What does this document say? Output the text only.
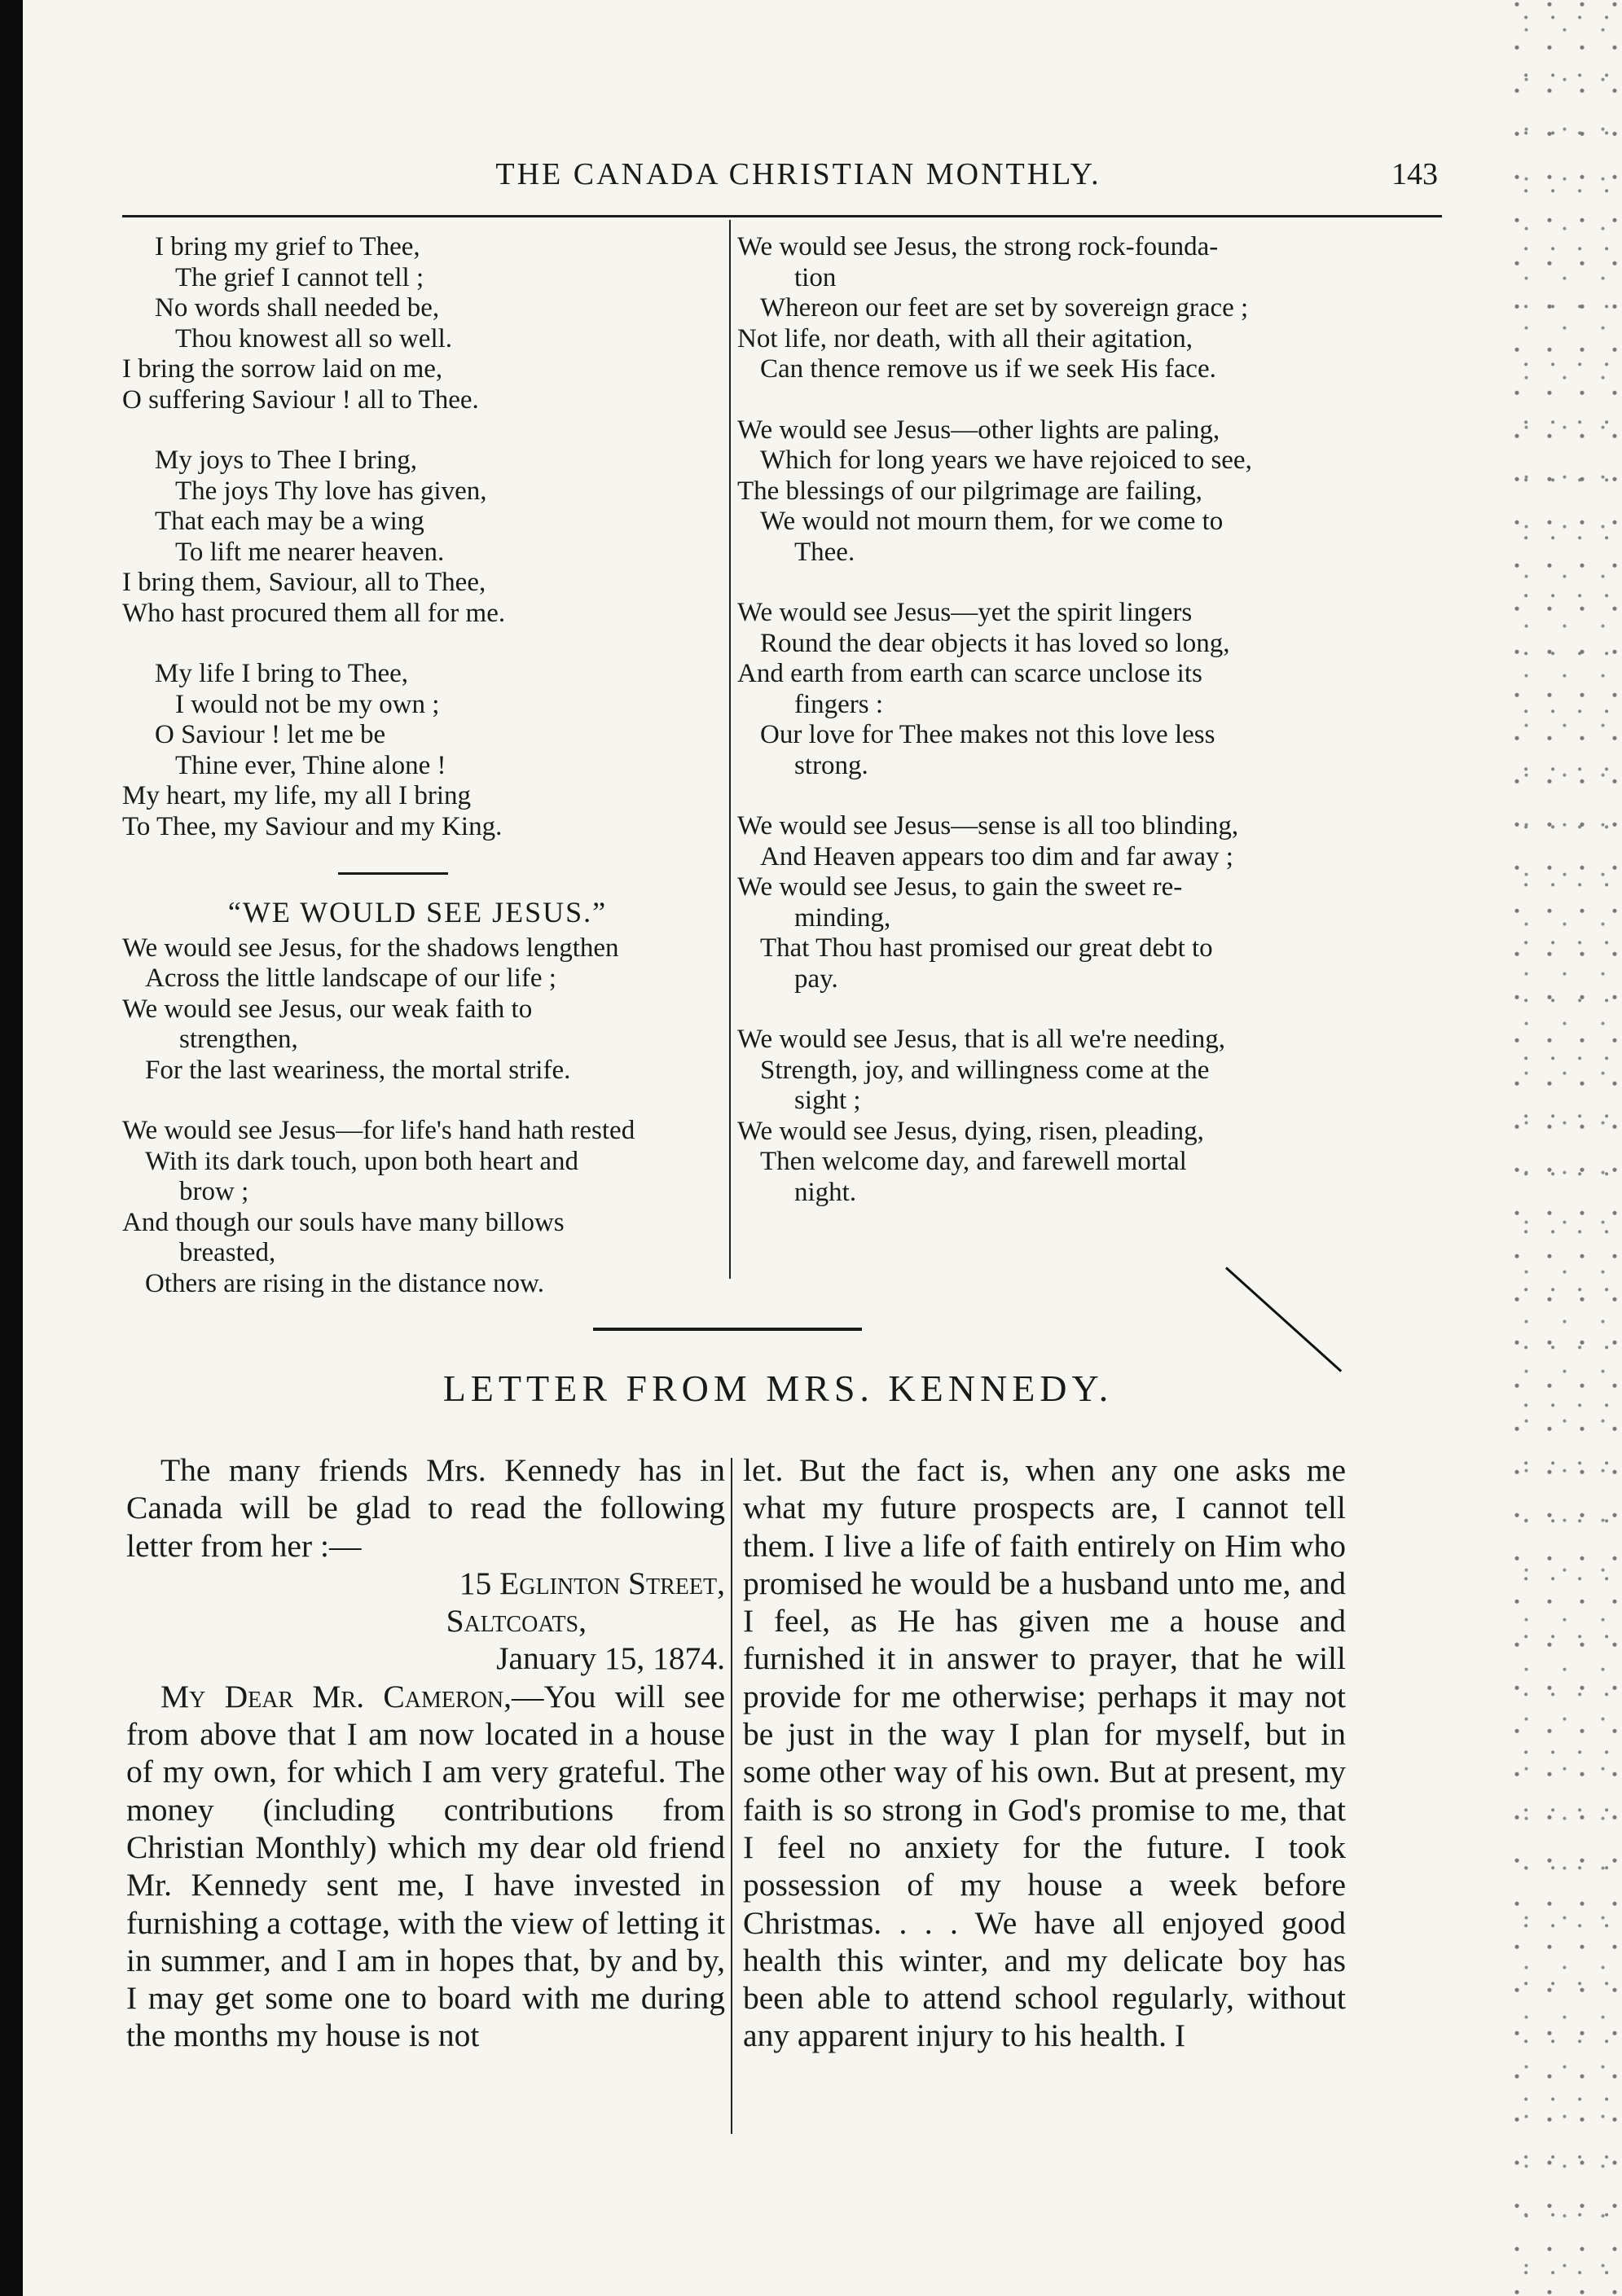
THE CANADA CHRISTIAN MONTHLY.	143
I bring my grief to Thee,
The grief I cannot tell ;
No words shall needed be,
Thou knowest all so well.
I bring the sorrow laid on me,
O suffering Saviour ! all to Thee.
My joys to Thee I bring,
The joys Thy love has given,
That each may be a wing
To lift me nearer heaven.
I bring them, Saviour, all to Thee,
Who hast procured them all for me.
My life I bring to Thee,
I would not be my own ;
O Saviour ! let me be
Thine ever, Thine alone !
My heart, my life, my all I bring
To Thee, my Saviour and my King.
“WE WOULD SEE JESUS.”
We would see Jesus, for the shadows lengthen
Across the little landscape of our life ;
We would see Jesus, our weak faith to
strengthen,
For the last weariness, the mortal strife.
We would see Jesus—for life's hand hath rested
With its dark touch, upon both heart and
brow ;
And though our souls have many billows
breasted,
Others are rising in the distance now.
We would see Jesus, the strong rock-founda-
tion
Whereon our feet are set by sovereign grace ;
Not life, nor death, with all their agitation,
Can thence remove us if we seek His face.
We would see Jesus—other lights are paling,
Which for long years we have rejoiced to see,
The blessings of our pilgrimage are failing,
We would not mourn them, for we come to
Thee.
We would see Jesus—yet the spirit lingers
Round the dear objects it has loved so long,
And earth from earth can scarce unclose its
fingers :
Our love for Thee makes not this love less
strong.
We would see Jesus—sense is all too blinding,
And Heaven appears too dim and far away ;
We would see Jesus, to gain the sweet re-
minding,
That Thou hast promised our great debt to
pay.
We would see Jesus, that is all we're needing,
Strength, joy, and willingness come at the
sight ;
We would see Jesus, dying, risen, pleading,
Then welcome day, and farewell mortal
night.
LETTER FROM MRS. KENNEDY.

The many friends Mrs. Kennedy has in Canada will be glad to read the following letter from her :—

15 Eglinton Street,

Saltcoats,

January 15, 1874.

My Dear Mr. Cameron,—You will see from above that I am now located in a house of my own, for which I am very grateful. The money (including contributions from Christian Monthly) which my dear old friend Mr. Kennedy sent me, I have invested in furnishing a cottage, with the view of letting it in summer, and I am in hopes that, by and by, I may get some one to board with me during the months my house is not

let. But the fact is, when any one asks me what my future prospects are, I cannot tell them. I live a life of faith entirely on Him who promised he would be a husband unto me, and I feel, as He has given me a house and furnished it in answer to prayer, that he will provide for me otherwise; perhaps it may not be just in the way I plan for myself, but in some other way of his own. But at present, my faith is so strong in God's promise to me, that I feel no anxiety for the future. I took possession of my house a week before Christmas. . . . We have all enjoyed good health this winter, and my delicate boy has been able to attend school regularly, without any apparent injury to his health. I
